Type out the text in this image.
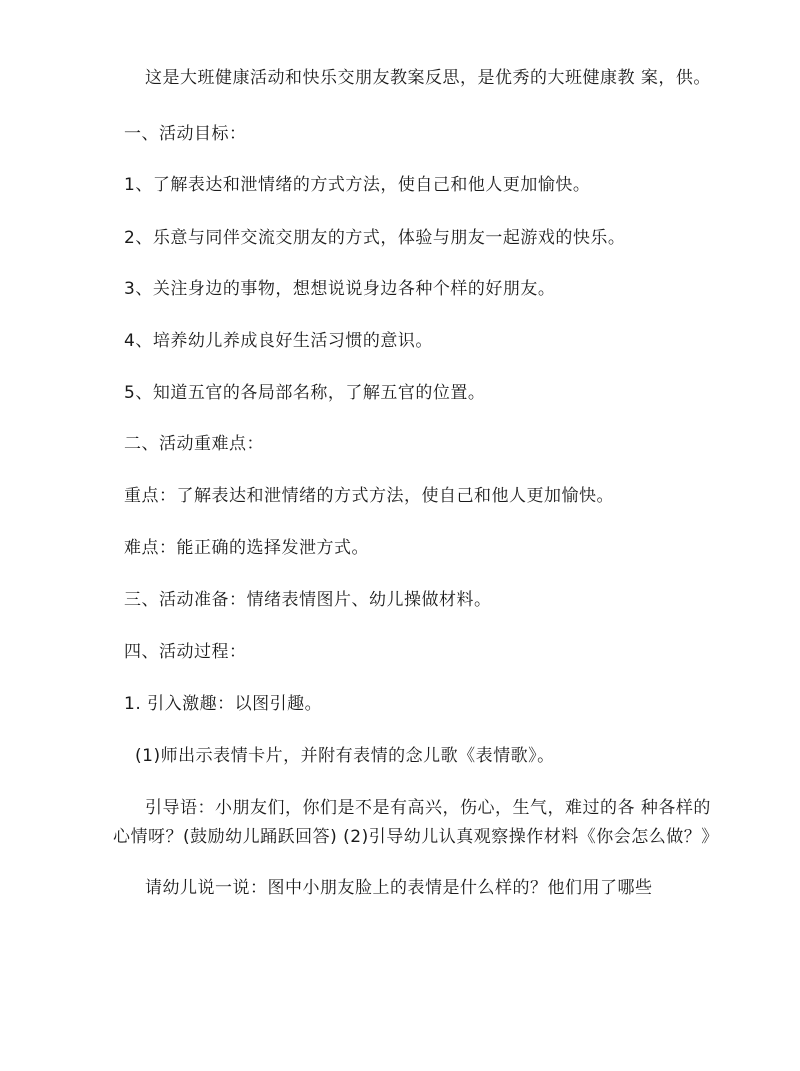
这是大班健康活动和快乐交朋友教案反思，是优秀的大班健康教 案，供。
一、活动目标：
1、了解表达和泄情绪的方式方法，使自己和他人更加愉快。
2、乐意与同伴交流交朋友的方式，体验与朋友一起游戏的快乐。
3、关注身边的事物，想想说说身边各种个样的好朋友。
4、培养幼儿养成良好生活习惯的意识。
5、知道五官的各局部名称，了解五官的位置。
二、活动重难点：
重点：了解表达和泄情绪的方式方法，使自己和他人更加愉快。
难点：能正确的选择发泄方式。
三、活动准备：情绪表情图片、幼儿操做材料。
四、活动过程：
1. 引入激趣：以图引趣。
(1)师出示表情卡片，并附有表情的念儿歌《表情歌》。
引导语：小朋友们，你们是不是有高兴，伤心，生气，难过的各 种各样的
心情呀？(鼓励幼儿踊跃回答) (2)引导幼儿认真观察操作材料《你会怎么做？》
请幼儿说一说：图中小朋友脸上的表情是什么样的？他们用了哪些
